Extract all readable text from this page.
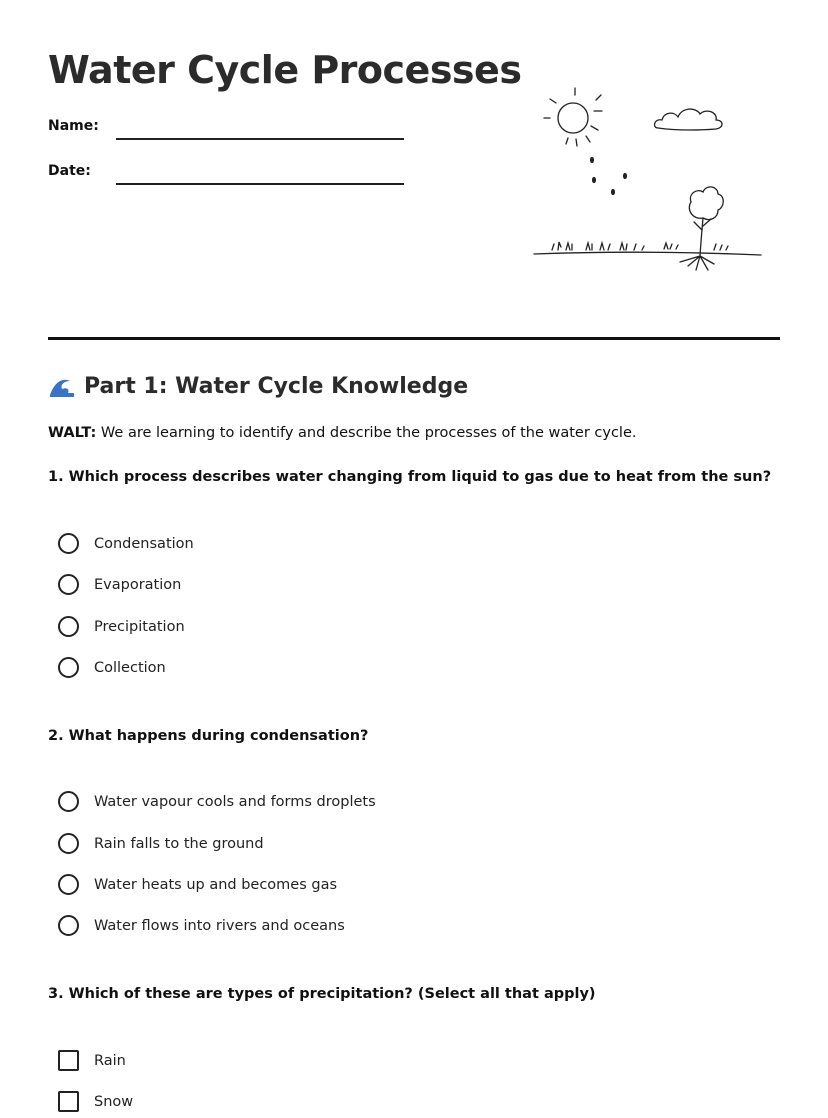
Water Cycle Processes
Name:
Date:
Part 1: Water Cycle Knowledge
WALT: We are learning to identify and describe the processes of the water cycle.
1. Which process describes water changing from liquid to gas due to heat from the sun?
Condensation
Evaporation
Precipitation
Collection
2. What happens during condensation?
Water vapour cools and forms droplets
Rain falls to the ground
Water heats up and becomes gas
Water flows into rivers and oceans
3. Which of these are types of precipitation? (Select all that apply)
Rain
Snow
